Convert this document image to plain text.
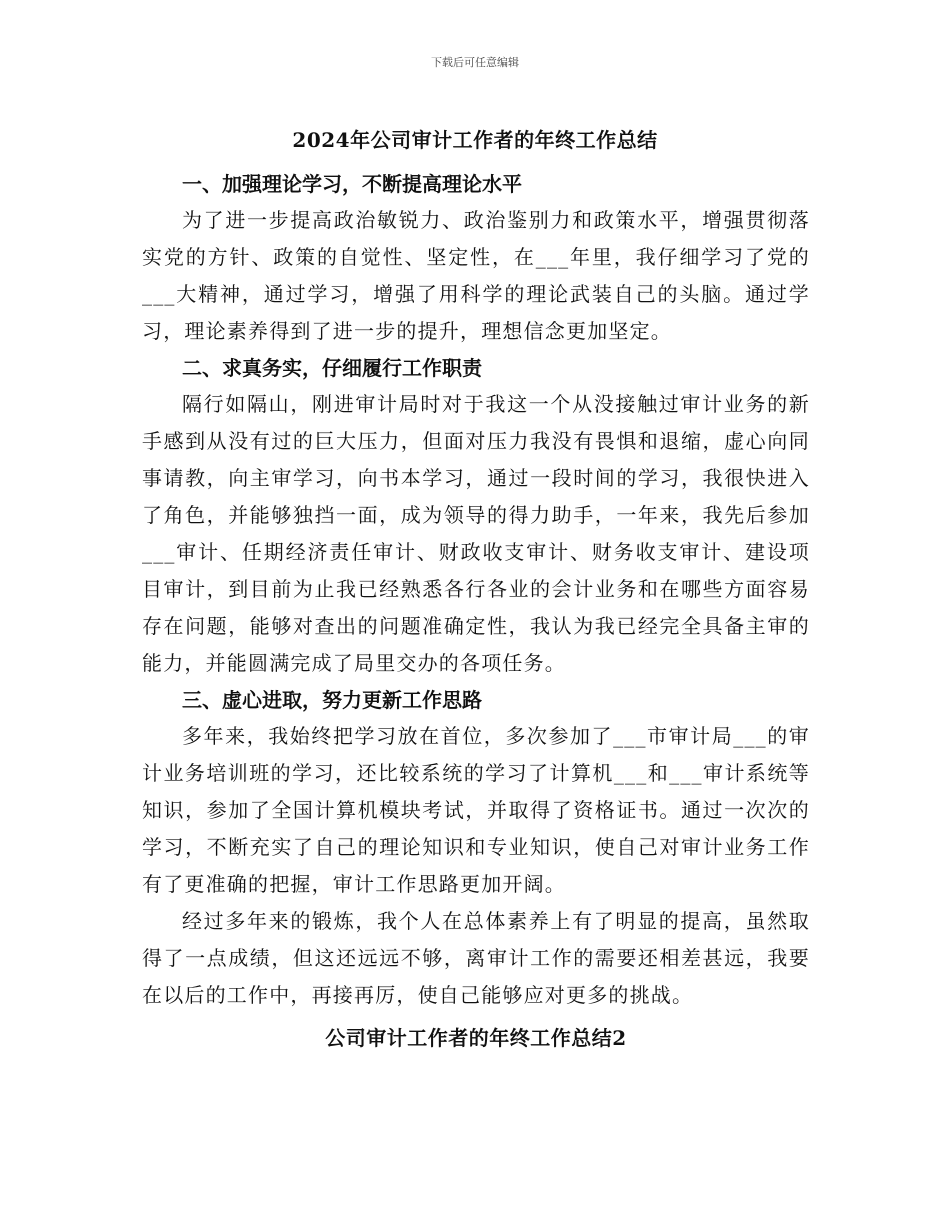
下载后可任意编辑
2024年公司审计工作者的年终工作总结
一、加强理论学习，不断提高理论水平

为了进一步提高政治敏锐力、政治鉴别力和政策水平，增强贯彻落实党的方针、政策的自觉性、坚定性，在___年里，我仔细学习了党的___大精神，通过学习，增强了用科学的理论武装自己的头脑。通过学习，理论素养得到了进一步的提升，理想信念更加坚定。

二、求真务实，仔细履行工作职责

隔行如隔山，刚进审计局时对于我这一个从没接触过审计业务的新手感到从没有过的巨大压力，但面对压力我没有畏惧和退缩，虚心向同事请教，向主审学习，向书本学习，通过一段时间的学习，我很快进入了角色，并能够独挡一面，成为领导的得力助手，一年来，我先后参加___审计、任期经济责任审计、财政收支审计、财务收支审计、建设项目审计，到目前为止我已经熟悉各行各业的会计业务和在哪些方面容易存在问题，能够对查出的问题准确定性，我认为我已经完全具备主审的能力，并能圆满完成了局里交办的各项任务。

三、虚心进取，努力更新工作思路

多年来，我始终把学习放在首位，多次参加了___市审计局___的审计业务培训班的学习，还比较系统的学习了计算机___和___审计系统等知识，参加了全国计算机模块考试，并取得了资格证书。通过一次次的学习，不断充实了自己的理论知识和专业知识，使自己对审计业务工作有了更准确的把握，审计工作思路更加开阔。

经过多年来的锻炼，我个人在总体素养上有了明显的提高，虽然取得了一点成绩，但这还远远不够，离审计工作的需要还相差甚远，我要在以后的工作中，再接再厉，使自己能够应对更多的挑战。

公司审计工作者的年终工作总结2
